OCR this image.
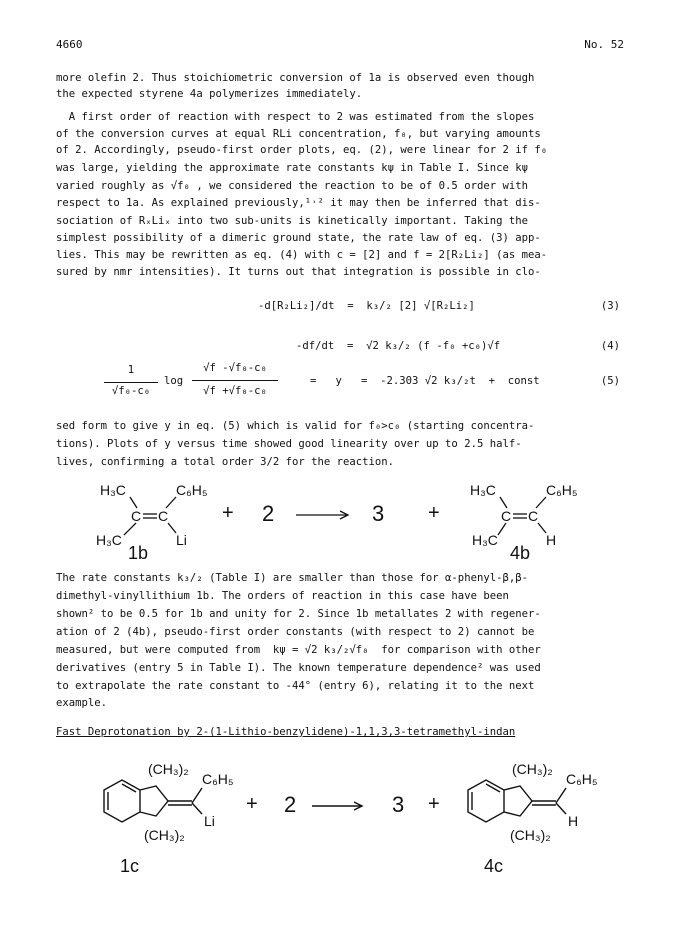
4660	No. 52
more olefin 2. Thus stoichiometric conversion of 1a is observed even though
the expected styrene 4a polymerizes immediately.
A first order of reaction with respect to 2 was estimated from the slopes
of the conversion curves at equal RLi concentration, f₀, but varying amounts
of 2. Accordingly, pseudo-first order plots, eq. (2), were linear for 2 if f₀
was large, yielding the approximate rate constants kψ in Table I. Since kψ
varied roughly as √f₀ , we considered the reaction to be of 0.5 order with
respect to 1a. As explained previously,¹˒² it may then be inferred that dis-
sociation of RₓLiₓ into two sub-units is kinetically important. Taking the
simplest possibility of a dimeric ground state, the rate law of eq. (3) app-
lies. This may be rewritten as eq. (4) with c = [2] and f = 2[R₂Li₂] (as mea-
sured by nmr intensities). It turns out that integration is possible in clo-
-d[R₂Li₂]/dt  =  k₃/₂ [2] √[R₂Li₂]	(3)
-df/dt  =  √2 k₃/₂ (f -f₀ +c₀)√f	(4)
1
√f₀-c₀
log
√f -√f₀-c₀
√f +√f₀-c₀
=   y   =  -2.303 √2 k₃/₂t  +  const	(5)
sed form to give y in eq. (5) which is valid for f₀>c₀ (starting concentra-
tions). Plots of y versus time showed good linearity over up to 2.5 half-
lives, confirming a total order 3/2 for the reaction.
H₃C	C₆H₅
C C
H₃C	Li
+ 2	3 +
H₃C	C₆H₅
C C
H₃C	H
1b	4b
The rate constants k₃/₂ (Table I) are smaller than those for α-phenyl-β,β-
dimethyl-vinyllithium 1b. The orders of reaction in this case have been
shown² to be 0.5 for 1b and unity for 2. Since 1b metallates 2 with regener-
ation of 2 (4b), pseudo-first order constants (with respect to 2) cannot be
measured, but were computed from  kψ = √2 k₃/₂√f₀  for comparison with other
derivatives (entry 5 in Table I). The known temperature dependence² was used
to extrapolate the rate constant to -44° (entry 6), relating it to the next
example.
Fast Deprotonation by 2-(1-Lithio-benzylidene)-1,1,3,3-tetramethyl-indan
(CH₃)₂
C₆H₅
Li
(CH₃)₂
+ 2	3 +
(CH₃)₂
C₆H₅
H
(CH₃)₂
1c	4c
